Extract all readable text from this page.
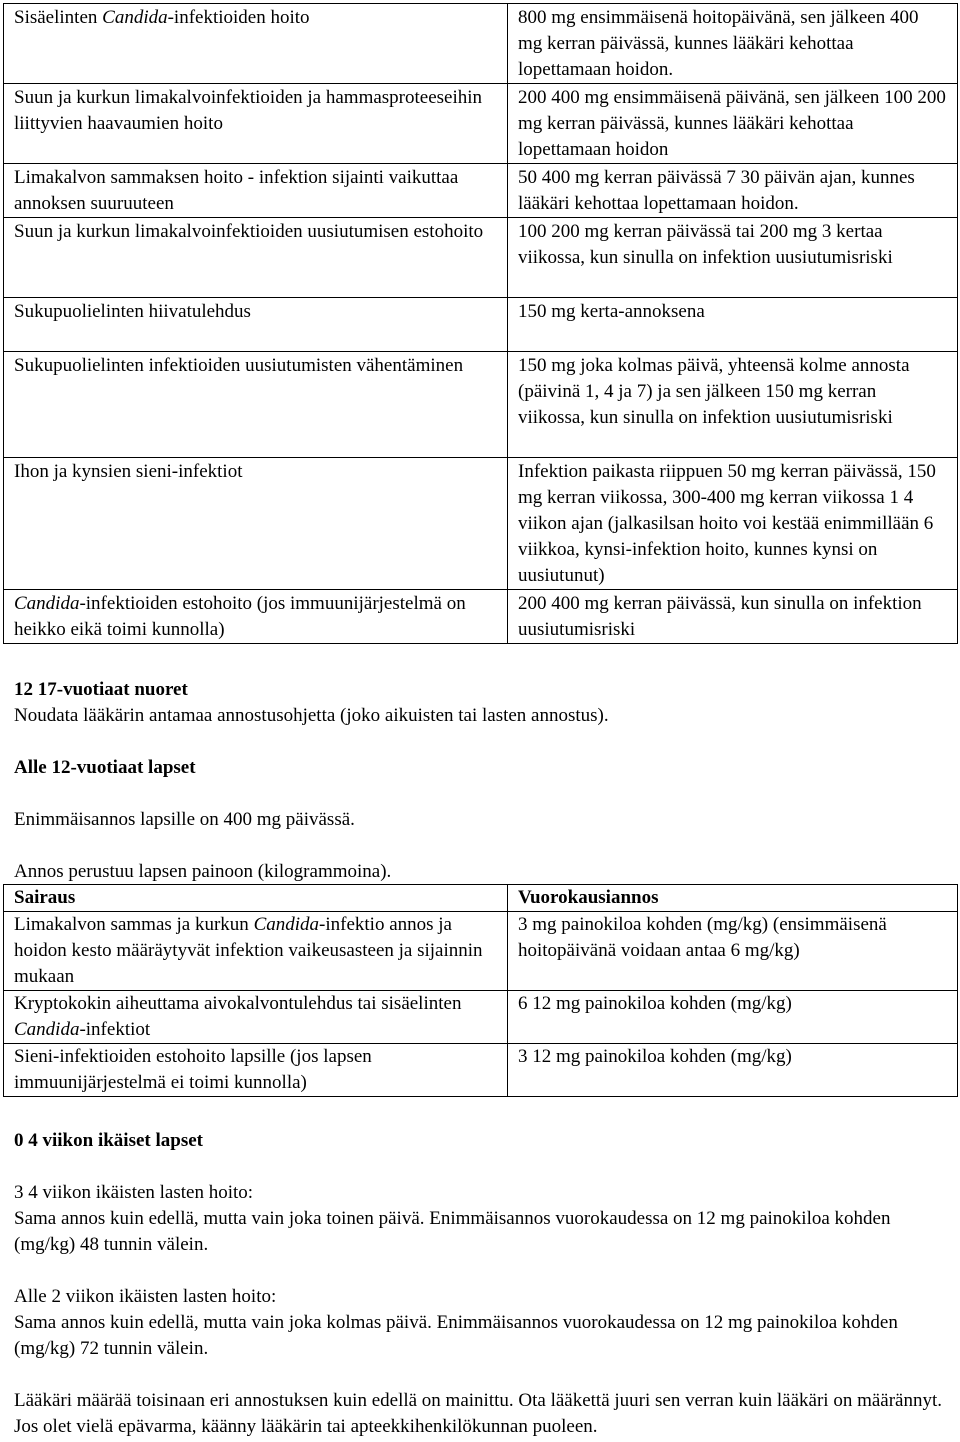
Sisäelinten Candida-infektioiden hoito	800 mg ensimmäisenä hoitopäivänä, sen jälkeen 400 mg kerran päivässä, kunnes lääkäri kehottaa lopettamaan hoidon.
Suun ja kurkun limakalvoinfektioiden ja hammasproteeseihin liittyvien haavaumien hoito	200 400 mg ensimmäisenä päivänä, sen jälkeen 100 200 mg kerran päivässä, kunnes lääkäri kehottaa lopettamaan hoidon
Limakalvon sammaksen hoito - infektion sijainti vaikuttaa annoksen suuruuteen	50 400 mg kerran päivässä 7 30 päivän ajan, kunnes lääkäri kehottaa lopettamaan hoidon.
Suun ja kurkun limakalvoinfektioiden uusiutumisen estohoito	100 200 mg kerran päivässä tai 200 mg 3 kertaa viikossa, kun sinulla on infektion uusiutumisriski
Sukupuolielinten hiivatulehdus	150 mg kerta-annoksena
Sukupuolielinten infektioiden uusiutumisten vähentäminen	150 mg joka kolmas päivä, yhteensä kolme annosta (päivinä 1, 4 ja 7) ja sen jälkeen 150 mg kerran viikossa, kun sinulla on infektion uusiutumisriski
Ihon ja kynsien sieni-infektiot	Infektion paikasta riippuen 50 mg kerran päivässä, 150 mg kerran viikossa, 300-400 mg kerran viikossa 1 4 viikon ajan (jalkasilsan hoito voi kestää enimmillään 6 viikkoa, kynsi-infektion hoito, kunnes kynsi on uusiutunut)
Candida-infektioiden estohoito (jos immuunijärjestelmä on heikko eikä toimi kunnolla)	200 400 mg kerran päivässä, kun sinulla on infektion uusiutumisriski
12 17-vuotiaat nuoret
Noudata lääkärin antamaa annostusohjetta (joko aikuisten tai lasten annostus).
Alle 12-vuotiaat lapset
Enimmäisannos lapsille on 400 mg päivässä.
Annos perustuu lapsen painoon (kilogrammoina).
Sairaus	Vuorokausiannos
Limakalvon sammas ja kurkun Candida-infektio annos ja hoidon kesto määräytyvät infektion vaikeusasteen ja sijainnin mukaan	3 mg painokiloa kohden (mg/kg) (ensimmäisenä hoitopäivänä voidaan antaa 6 mg/kg)
Kryptokokin aiheuttama aivokalvontulehdus tai sisäelinten Candida-infektiot	6 12 mg painokiloa kohden (mg/kg)
Sieni-infektioiden estohoito lapsille (jos lapsen immuunijärjestelmä ei toimi kunnolla)	3 12 mg painokiloa kohden (mg/kg)
0 4 viikon ikäiset lapset
3 4 viikon ikäisten lasten hoito:
Sama annos kuin edellä, mutta vain joka toinen päivä. Enimmäisannos vuorokaudessa on 12 mg painokiloa kohden (mg/kg) 48 tunnin välein.
Alle 2 viikon ikäisten lasten hoito:
Sama annos kuin edellä, mutta vain joka kolmas päivä. Enimmäisannos vuorokaudessa on 12 mg painokiloa kohden (mg/kg) 72 tunnin välein.
Lääkäri määrää toisinaan eri annostuksen kuin edellä on mainittu. Ota lääkettä juuri sen verran kuin lääkäri on määrännyt. Jos olet vielä epävarma, käänny lääkärin tai apteekkihenkilökunnan puoleen.
